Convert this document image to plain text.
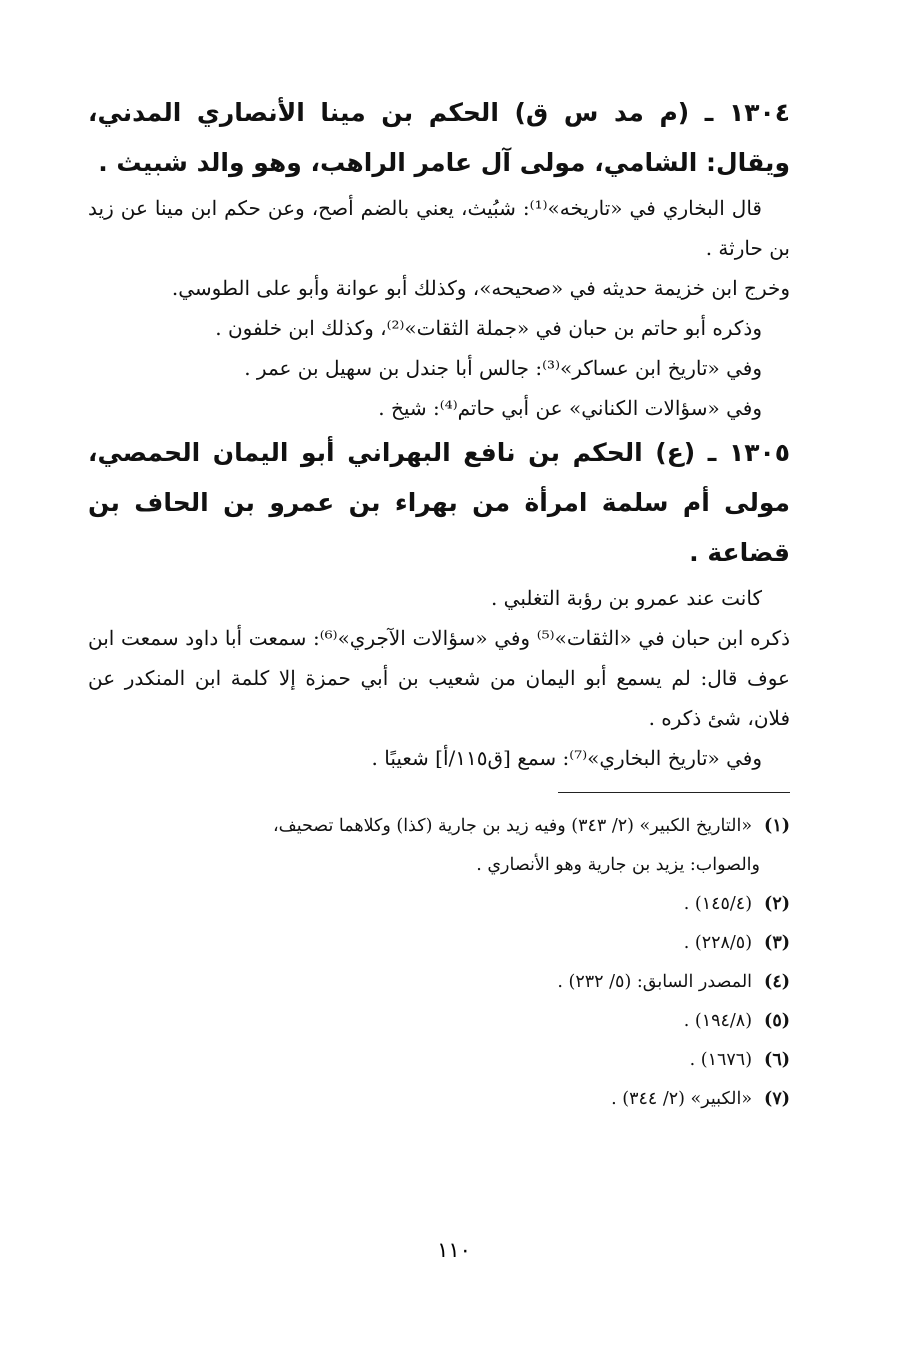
١٣٠٤ ـ (م مد س ق) الحكم بن مينا الأنصاري المدني، ويقال: الشامي، مولى آل عامر الراهب، وهو والد شبيث .

قال البخاري في «تاريخه»⁽¹⁾: شبُيث، يعني بالضم أصح، وعن حكم ابن مينا عن زيد بن حارثة .

وخرج ابن خزيمة حديثه في «صحيحه»، وكذلك أبو عوانة وأبو على الطوسي.

وذكره أبو حاتم بن حبان في «جملة الثقات»⁽²⁾، وكذلك ابن خلفون .

وفي «تاريخ ابن عساكر»⁽³⁾: جالس أبا جندل بن سهيل بن عمر .

وفي «سؤالات الكناني» عن أبي حاتم⁽⁴⁾: شيخ .

١٣٠٥ ـ (ع) الحكم بن نافع البهراني أبو اليمان الحمصي، مولى أم سلمة امرأة من بهراء بن عمرو بن الحاف بن قضاعة .

كانت عند عمرو بن رؤبة التغلبي .

ذكره ابن حبان في «الثقات»⁽⁵⁾ وفي «سؤالات الآجري»⁽⁶⁾: سمعت أبا داود سمعت ابن عوف قال: لم يسمع أبو اليمان من شعيب بن أبي حمزة إلا كلمة ابن المنكدر عن فلان، شئ ذكره .

وفي «تاريخ البخاري»⁽⁷⁾: سمع [ق١١٥/أ] شعيبًا .

(١)«التاريخ الكبير» (٢/ ٣٤٣) وفيه زيد بن جارية (كذا) وكلاهما تصحيف،

والصواب: يزيد بن جارية وهو الأنصاري .

(٢)(١٤٥/٤) .

(٣)(٢٢٨/٥) .

(٤)المصدر السابق: (٥/ ٢٣٢) .

(٥)(١٩٤/٨) .

(٦)(١٦٧٦) .

(٧)«الكبير» (٢/ ٣٤٤) .

١١٠
